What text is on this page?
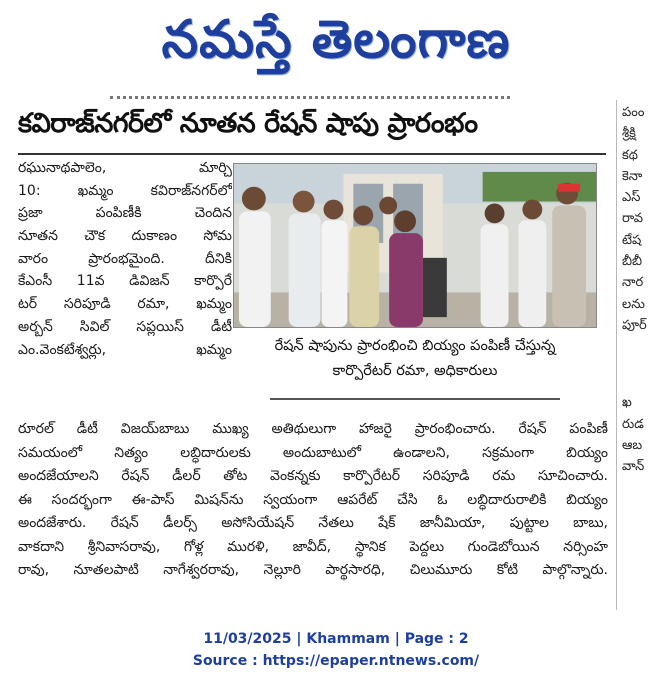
నమస్తే తెలంగాణ
కవిరాజ్‌నగర్‌లో నూతన రేషన్ షాపు ప్రారంభం
రఘునాథపాలెం, మార్చి
10: ఖమ్మం కవిరాజ్‌నగర్‌లో
ప్రజా పంపిణీకి చెందిన
నూతన చౌక దుకాణం సోమ
వారం ప్రారంభమైంది. దీనికి
కేఎంసీ 11వ డివిజన్ కార్పొరే
టర్ సరిపూడి రమా, ఖమ్మం
అర్బన్ సివిల్ సప్లయిస్ డీటీ
ఎం.వెంకటేశ్వర్లు, ఖమ్మం	రేషన్ షాపును ప్రారంభించి బియ్యం పంపిణీ చేస్తున్న
కార్పొరేటర్ రమా, అధికారులు
రూరల్ డీటీ విజయ్‌బాబు ముఖ్య అతిథులుగా హాజరై ప్రారంభించారు. రేషన్ పంపిణీ
సమయంలో నిత్యం లబ్ధిదారులకు అందుబాటులో ఉండాలని, సక్రమంగా బియ్యం
అందజేయాలని రేషన్ డీలర్ తోట వెంకన్నకు కార్పొరేటర్ సరిపూడి రమ సూచించారు.
ఈ సందర్భంగా ఈ-పాస్ మిషన్‌ను స్వయంగా ఆపరేట్ చేసి ఓ లబ్ధిదారురాలికి బియ్యం
అందజేశారు. రేషన్ డీలర్స్ అసోసియేషన్ నేతలు షేక్ జానీమియా, పుట్టాల బాబు,
వాకదాని శ్రీనివాసరావు, గోళ్ల మురళి, జావీద్, స్థానిక పెద్దలు గుండెబోయిన నర్సింహ
రావు, నూతలపాటి నాగేశ్వరరావు, నెల్లూరి పార్థసారధి, చిలుమూరు కోటి పాల్గొన్నారు.
పంం
శ్రీక్షి
కథ
కెనా
ఎస్
రావ
టేష
బీబీ
నార
లను
పూర్
ఖ
రుడ
ఆబ
వాన్
11/03/2025 | Khammam | Page : 2
Source : https://epaper.ntnews.com/
